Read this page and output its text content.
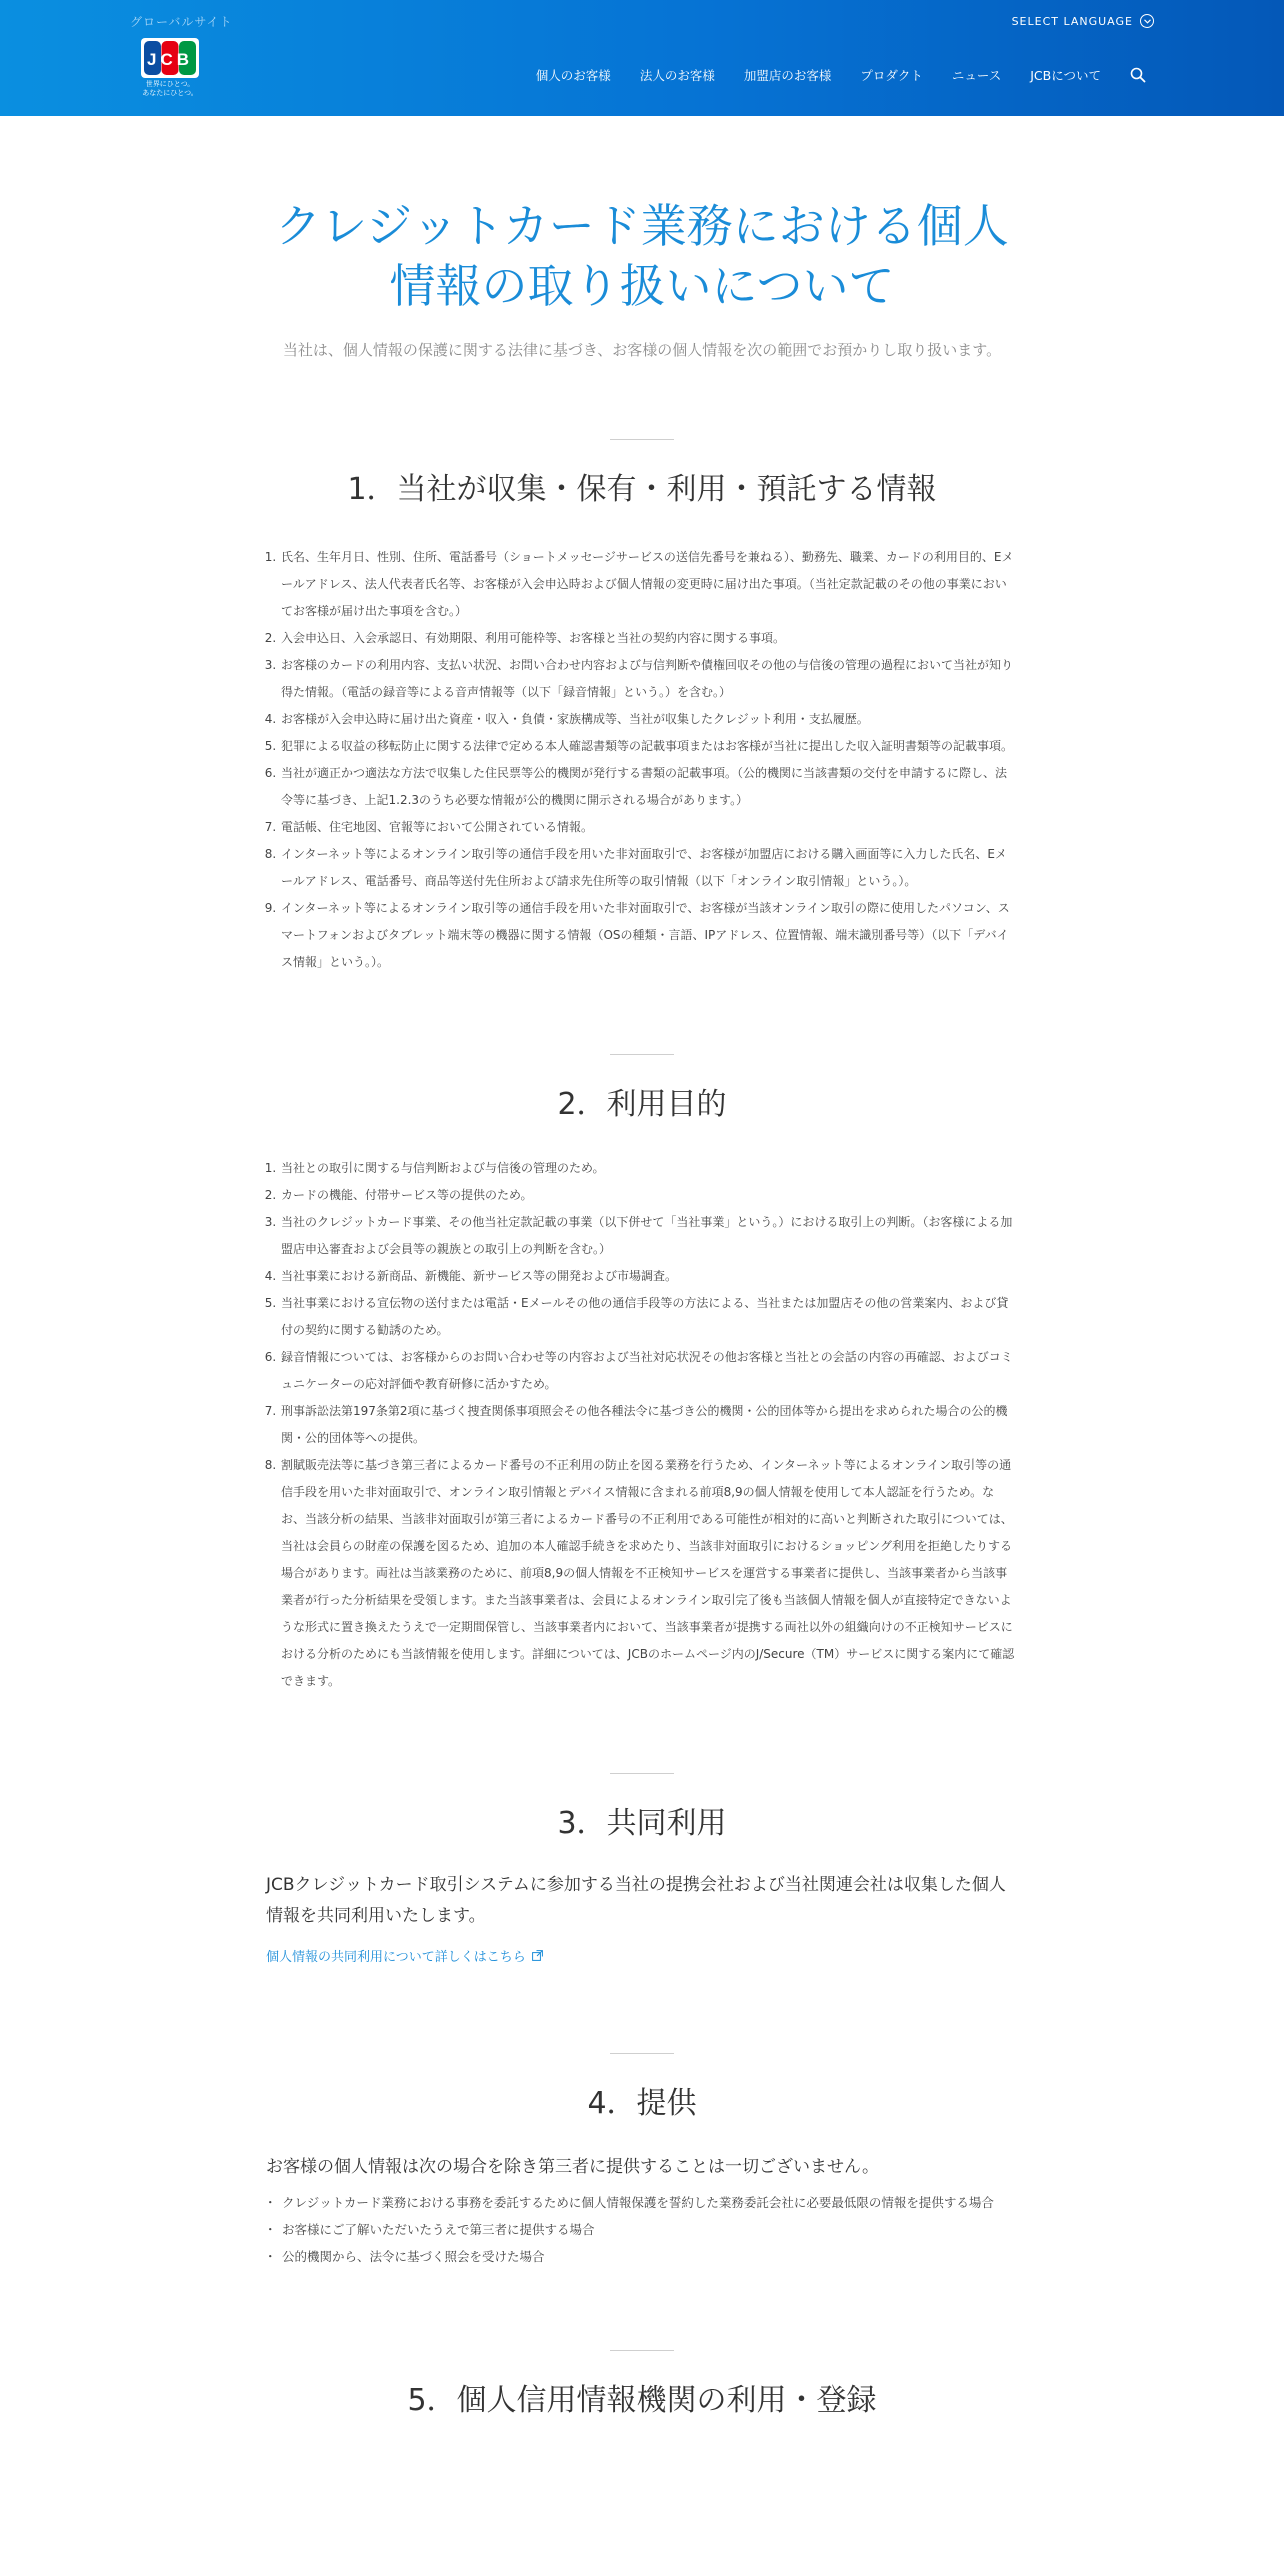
グローバルサイト
JCB
世界にひとつ。
あなたにひとつ。
SELECT LANGUAGE
個人のお客様 法人のお客様 加盟店のお客様 プロダクト ニュース JCBについて
クレジットカード業務における個人
情報の取り扱いについて

当社は、個人情報の保護に関する法律に基づき、お客様の個人情報を次の範囲でお預かりし取り扱います。

1．当社が収集・保有・利用・預託する情報
1. 氏名、生年月日、性別、住所、電話番号（ショートメッセージサービスの送信先番号を兼ねる）、勤務先、職業、カードの利用目的、Eメールアドレス、法人代表者氏名等、お客様が入会申込時および個人情報の変更時に届け出た事項。（当社定款記載のその他の事業においてお客様が届け出た事項を含む。）
2. 入会申込日、入会承認日、有効期限、利用可能枠等、お客様と当社の契約内容に関する事項。
3. お客様のカードの利用内容、支払い状況、お問い合わせ内容および与信判断や債権回収その他の与信後の管理の過程において当社が知り得た情報。（電話の録音等による音声情報等（以下「録音情報」という。）を含む。）
4. お客様が入会申込時に届け出た資産・収入・負債・家族構成等、当社が収集したクレジット利用・支払履歴。
5. 犯罪による収益の移転防止に関する法律で定める本人確認書類等の記載事項またはお客様が当社に提出した収入証明書類等の記載事項。
6. 当社が適正かつ適法な方法で収集した住民票等公的機関が発行する書類の記載事項。（公的機関に当該書類の交付を申請するに際し、法令等に基づき、上記1.2.3のうち必要な情報が公的機関に開示される場合があります。）
7. 電話帳、住宅地図、官報等において公開されている情報。
8. インターネット等によるオンライン取引等の通信手段を用いた非対面取引で、お客様が加盟店における購入画面等に入力した氏名、Eメールアドレス、電話番号、商品等送付先住所および請求先住所等の取引情報（以下「オンライン取引情報」という。）。
9. インターネット等によるオンライン取引等の通信手段を用いた非対面取引で、お客様が当該オンライン取引の際に使用したパソコン、スマートフォンおよびタブレット端末等の機器に関する情報（OSの種類・言語、IPアドレス、位置情報、端末識別番号等）（以下「デバイス情報」という。）。
2．利用目的
1. 当社との取引に関する与信判断および与信後の管理のため。
2. カードの機能、付帯サービス等の提供のため。
3. 当社のクレジットカード事業、その他当社定款記載の事業（以下併せて「当社事業」という。）における取引上の判断。（お客様による加盟店申込審査および会員等の親族との取引上の判断を含む。）
4. 当社事業における新商品、新機能、新サービス等の開発および市場調査。
5. 当社事業における宣伝物の送付または電話・Eメールその他の通信手段等の方法による、当社または加盟店その他の営業案内、および貸付の契約に関する勧誘のため。
6. 録音情報については、お客様からのお問い合わせ等の内容および当社対応状況その他お客様と当社との会話の内容の再確認、およびコミュニケーターの応対評価や教育研修に活かすため。
7. 刑事訴訟法第197条第2項に基づく捜査関係事項照会その他各種法令に基づき公的機関・公的団体等から提出を求められた場合の公的機関・公的団体等への提供。
8. 割賦販売法等に基づき第三者によるカード番号の不正利用の防止を図る業務を行うため、インターネット等によるオンライン取引等の通信手段を用いた非対面取引で、オンライン取引情報とデバイス情報に含まれる前項8,9の個人情報を使用して本人認証を行うため。なお、当該分析の結果、当該非対面取引が第三者によるカード番号の不正利用である可能性が相対的に高いと判断された取引については、当社は会員らの財産の保護を図るため、追加の本人確認手続きを求めたり、当該非対面取引におけるショッピング利用を拒絶したりする場合があります。両社は当該業務のために、前項8,9の個人情報を不正検知サービスを運営する事業者に提供し、当該事業者から当該事業者が行った分析結果を受領します。また当該事業者は、会員によるオンライン取引完了後も当該個人情報を個人が直接特定できないような形式に置き換えたうえで一定期間保管し、当該事業者内において、当該事業者が提携する両社以外の組織向けの不正検知サービスにおける分析のためにも当該情報を使用します。詳細については、JCBのホームページ内のJ/Secure（TM）サービスに関する案内にて確認できます。
3．共同利用

JCBクレジットカード取引システムに参加する当社の提携会社および当社関連会社は収集した個人情報を共同利用いたします。

個人情報の共同利用について詳しくはこちら
4．提供

お客様の個人情報は次の場合を除き第三者に提供することは一切ございません。

・ クレジットカード業務における事務を委託するために個人情報保護を誓約した業務委託会社に必要最低限の情報を提供する場合
・ お客様にご了解いただいたうえで第三者に提供する場合
・ 公的機関から、法令に基づく照会を受けた場合
5．個人信用情報機関の利用・登録
